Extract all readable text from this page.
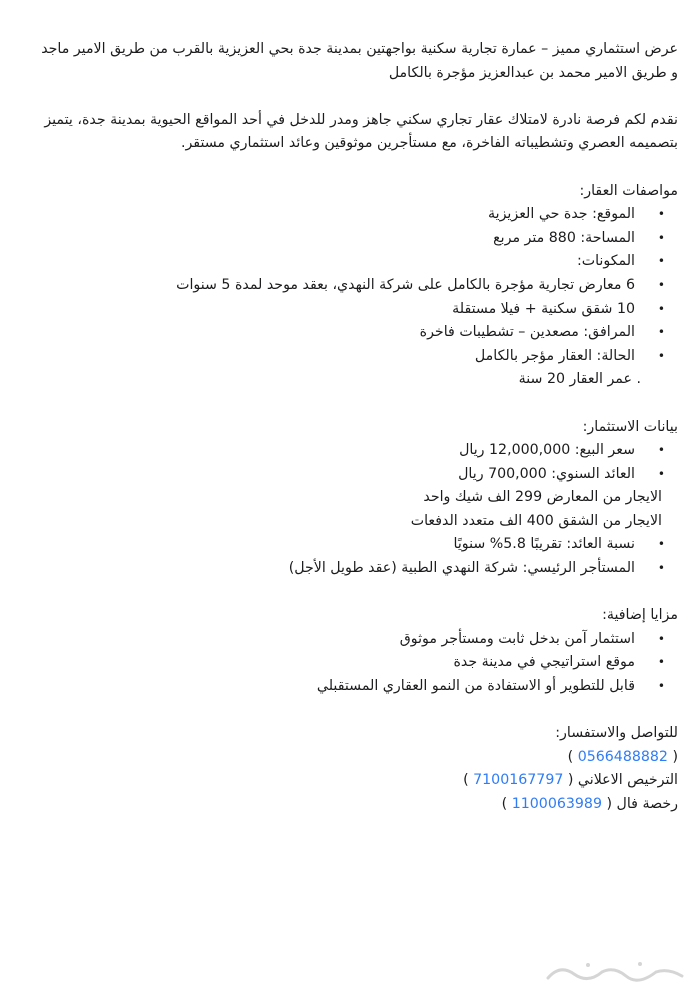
عرض استثماري مميز – عمارة تجارية سكنية بواجهتين بمدينة جدة بحي العزيزية بالقرب من طريق الامير ماجد و طريق الامير محمد بن عبدالعزيز مؤجرة بالكامل

نقدم لكم فرصة نادرة لامتلاك عقار تجاري سكني جاهز ومدر للدخل في أحد المواقع الحيوية بمدينة جدة، يتميز بتصميمه العصري وتشطيباته الفاخرة، مع مستأجرين موثوقين وعائد استثماري مستقر.

مواصفات العقار:

•
الموقع: جدة حي العزيزية
•
المساحة: 880 متر مربع
•
المكونات:
•
6 معارض تجارية مؤجرة بالكامل على شركة النهدي، بعقد موحد لمدة 5 سنوات
•
10 شقق سكنية + فيلا مستقلة
•
المرافق: مصعدين – تشطيبات فاخرة
•
الحالة: العقار مؤجر بالكامل

. عمر العقار 20 سنة

بيانات الاستثمار:

•
سعر البيع: 12,000,000 ريال
•
العائد السنوي: 700,000 ريال

الايجار من المعارض 299 الف شيك واحد

الايجار من الشقق 400 الف متعدد الدفعات

•
نسبة العائد: تقريبًا 5.8% سنويًا
•
المستأجر الرئيسي: شركة النهدي الطبية (عقد طويل الأجل)

مزايا إضافية:

•
استثمار آمن بدخل ثابت ومستأجر موثوق
•
موقع استراتيجي في مدينة جدة
•
قابل للتطوير أو الاستفادة من النمو العقاري المستقبلي

للتواصل والاستفسار:

( 0566488882 )

الترخيص الاعلاني ( 7100167797 )

رخصة فال ( 1100063989 )
